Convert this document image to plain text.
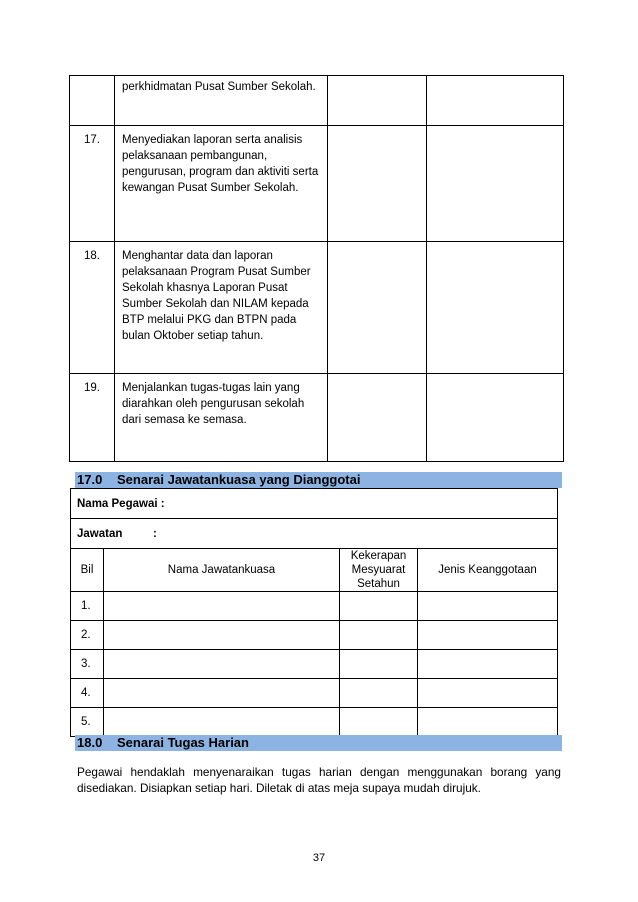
	perkhidmatan Pusat Sumber Sekolah.		
17.	Menyediakan laporan serta analisis pelaksanaan pembangunan, pengurusan, program dan aktiviti serta kewangan Pusat Sumber Sekolah.		
18.	Menghantar data dan laporan pelaksanaan Program Pusat Sumber Sekolah khasnya Laporan Pusat Sumber Sekolah dan NILAM kepada BTP melalui PKG dan BTPN pada bulan Oktober setiap tahun.		
19.	Menjalankan tugas-tugas lain yang diarahkan oleh pengurusan sekolah dari semasa ke semasa.		
17.0 Senarai Jawatankuasa yang Dianggotai
Nama Pegawai :			
Jawatan :			
Bil	Nama Jawatankuasa	Kekerapan
Mesyuarat
Setahun	Jenis Keanggotaan
1.			
2.			
3.			
4.			
5.			
18.0 Senarai Tugas Harian
Pegawai hendaklah menyenaraikan tugas harian dengan menggunakan borang yang disediakan. Disiapkan setiap hari. Diletak di atas meja supaya mudah dirujuk.
37
